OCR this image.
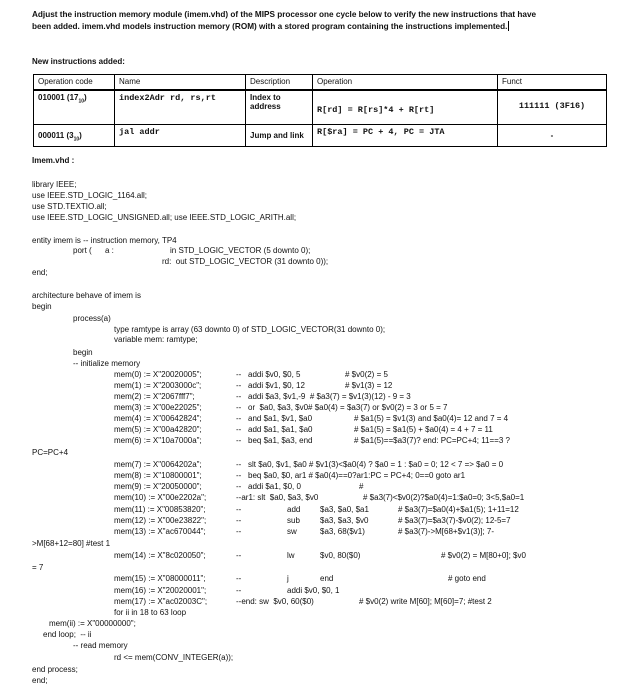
Adjust the instruction memory module (imem.vhd) of the MIPS processor one cycle below to verify the new instructions that have been added. imem.vhd models instruction memory (ROM) with a stored program containing the instructions implemented.
New instructions added:
Operation code	Name	Description	Operation	Funct
010001 $(17_{10})$	index2Adr rd, rs,rt	Index to address	R[rd] = R[rs]*4 + R[rt]	111111 (3F16)
000011 $(3_{10})$	jal addr	Jump and link	R[$ra] = PC + 4, PC = JTA	-
Imem.vhd :
library IEEE;
use IEEE.STD_LOGIC_1164.all;
use STD.TEXTIO.all;
use IEEE.STD_LOGIC_UNSIGNED.all; use IEEE.STD_LOGIC_ARITH.all;
entity imem is -- instruction memory, TP4
port (      a :	in STD_LOGIC_VECTOR (5 downto 0);
rd:  out STD_LOGIC_VECTOR (31 downto 0));
end;
architecture behave of imem is
begin
process(a)
type ramtype is array (63 downto 0) of STD_LOGIC_VECTOR(31 downto 0);
variable mem: ramtype;
begin
-- initialize memory
mem(0) := X"20020005";	--   addi $v0, $0, 5	# $v0(2) = 5
mem(1) := X"2003000c";	--   addi $v1, $0, 12	# $v1(3) = 12
mem(2) := X"2067fff7";	--   addi $a3, $v1,-9  # $a3(7) = $v1(3)(12) - 9 = 3
mem(3) := X"00e22025";	--   or  $a0, $a3, $v0# $a0(4) = $a3(7) or $v0(2) = 3 or 5 = 7
mem(4) := X"00642824";	--   and $a1, $v1, $a0	# $a1(5) = $v1(3) and $a0(4)= 12 and 7 = 4
mem(5) := X"00a42820";	--   add $a1, $a1, $a0	# $a1(5) = $a1(5) + $a0(4) = 4 + 7 = 11
mem(6) := X"10a7000a";	--   beq $a1, $a3, end	# $a1(5)==$a3(7)? end: PC=PC+4; 11==3 ?
PC=PC+4
mem(7) := X"0064202a";	--   slt $a0, $v1, $a0 # $v1(3)<$a0(4) ? $a0 = 1 : $a0 = 0; 12 < 7 => $a0 = 0
mem(8) := X"10800001";	--   beq $a0, $0, ar1 # $a0(4)==0?ar1:PC = PC+4; 0==0 goto ar1
mem(9) := X"20050000";	--   addi $a1, $0, 0	#
mem(10) := X"00e2202a";	--ar1: slt  $a0, $a3, $v0	# $a3(7)<$v0(2)?$a0(4)=1:$a0=0; 3<5,$a0=1
mem(11) := X"00853820";	--	add $a3, $a0, $a1	# $a3(7)=$a0(4)+$a1(5); 1+11=12
mem(12) := X"00e23822";	--	sub	$a3, $a3, $v0	# $a3(7)=$a3(7)-$v0(2); 12-5=7
mem(13) := X"ac670044";	--	sw	$a3, 68($v1)	# $a3(7)->M[68+$v1(3)]; 7-
>M[68+12=80] #test 1
mem(14) := X"8c020050";	--	lw	$v0, 80($0)	# $v0(2) = M[80+0]; $v0
= 7
mem(15) := X"08000011";	--	j	end	# goto end
mem(16) := X"20020001";	--	addi $v0, $0, 1
mem(17) := X"ac02003C";	--end: sw  $v0, 60($0)	# $v0(2) write M[60]; M[60]=7; #test 2
for ii in 18 to 63 loop
mem(ii) := X"00000000";
end loop;  -- ii
-- read memory
rd <= mem(CONV_INTEGER(a));
end process;
end;
